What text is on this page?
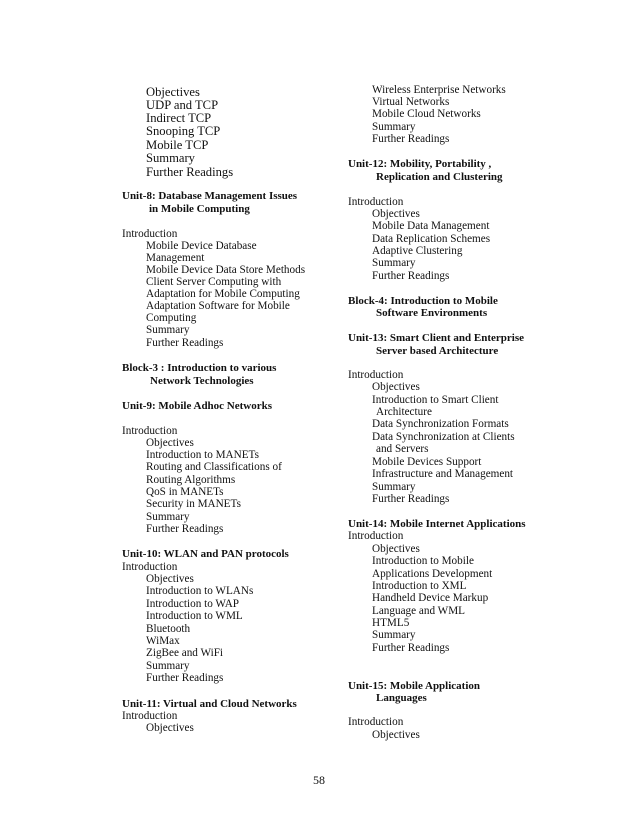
Objectives
UDP and TCP
Indirect TCP
Snooping TCP
Mobile TCP
Summary
Further Readings
Unit-8: Database Management Issues
in Mobile Computing
Introduction
Mobile Device Database
Management
Mobile Device Data Store Methods
Client Server Computing with
Adaptation for Mobile Computing
Adaptation Software for Mobile
Computing
Summary
Further Readings
Block-3 : Introduction to various
Network Technologies
Unit-9: Mobile Adhoc Networks
Introduction
Objectives
Introduction to MANETs
Routing and Classifications of
Routing Algorithms
QoS in MANETs
Security in MANETs
Summary
Further Readings
Unit-10: WLAN and PAN protocols
Introduction
Objectives
Introduction to WLANs
Introduction to WAP
Introduction to WML
Bluetooth
WiMax
ZigBee and WiFi
Summary
Further Readings
Unit-11: Virtual and Cloud Networks
Introduction
Objectives
Wireless Enterprise Networks
Virtual Networks
Mobile Cloud Networks
Summary
Further Readings
Unit-12: Mobility, Portability ,
Replication and Clustering
Introduction
Objectives
Mobile Data Management
Data Replication Schemes
Adaptive Clustering
Summary
Further Readings
Block-4: Introduction to Mobile
Software Environments
Unit-13: Smart Client and Enterprise
Server based Architecture
Introduction
Objectives
Introduction to Smart Client
Architecture
Data Synchronization Formats
Data Synchronization at Clients
and Servers
Mobile Devices Support
Infrastructure and Management
Summary
Further Readings
Unit-14: Mobile Internet Applications
Introduction
Objectives
Introduction to Mobile
Applications Development
Introduction to XML
Handheld Device Markup
Language and WML
HTML5
Summary
Further Readings
Unit-15: Mobile Application
Languages
Introduction
Objectives
58
